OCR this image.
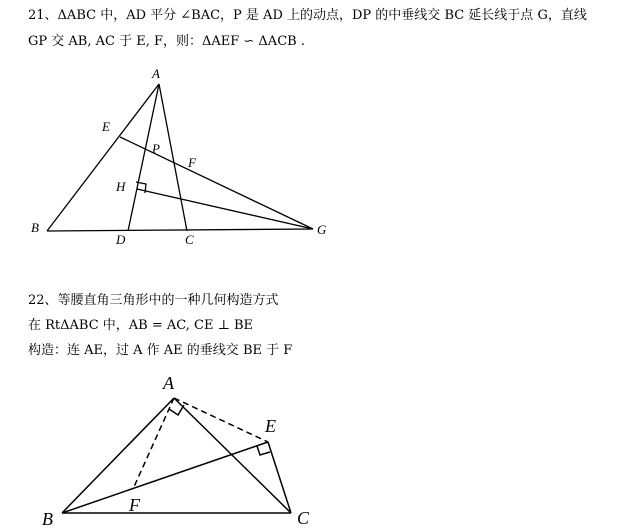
21、ΔABC 中，AD 平分 ∠BAC，P 是 AD 上的动点，DP 的中垂线交 BC 延长线于点 G，直线
GP 交 AB, AC 于 E, F，则：ΔAEF ∽ ΔACB .
A
E
P
F
H
B
D	C
G
22、等腰直角三角形中的一种几何构造方式
在 RtΔABC 中，AB = AC, CE ⊥ BE
构造：连 AE，过 A 作 AE 的垂线交 BE 于 F
A
E
F
B	C
